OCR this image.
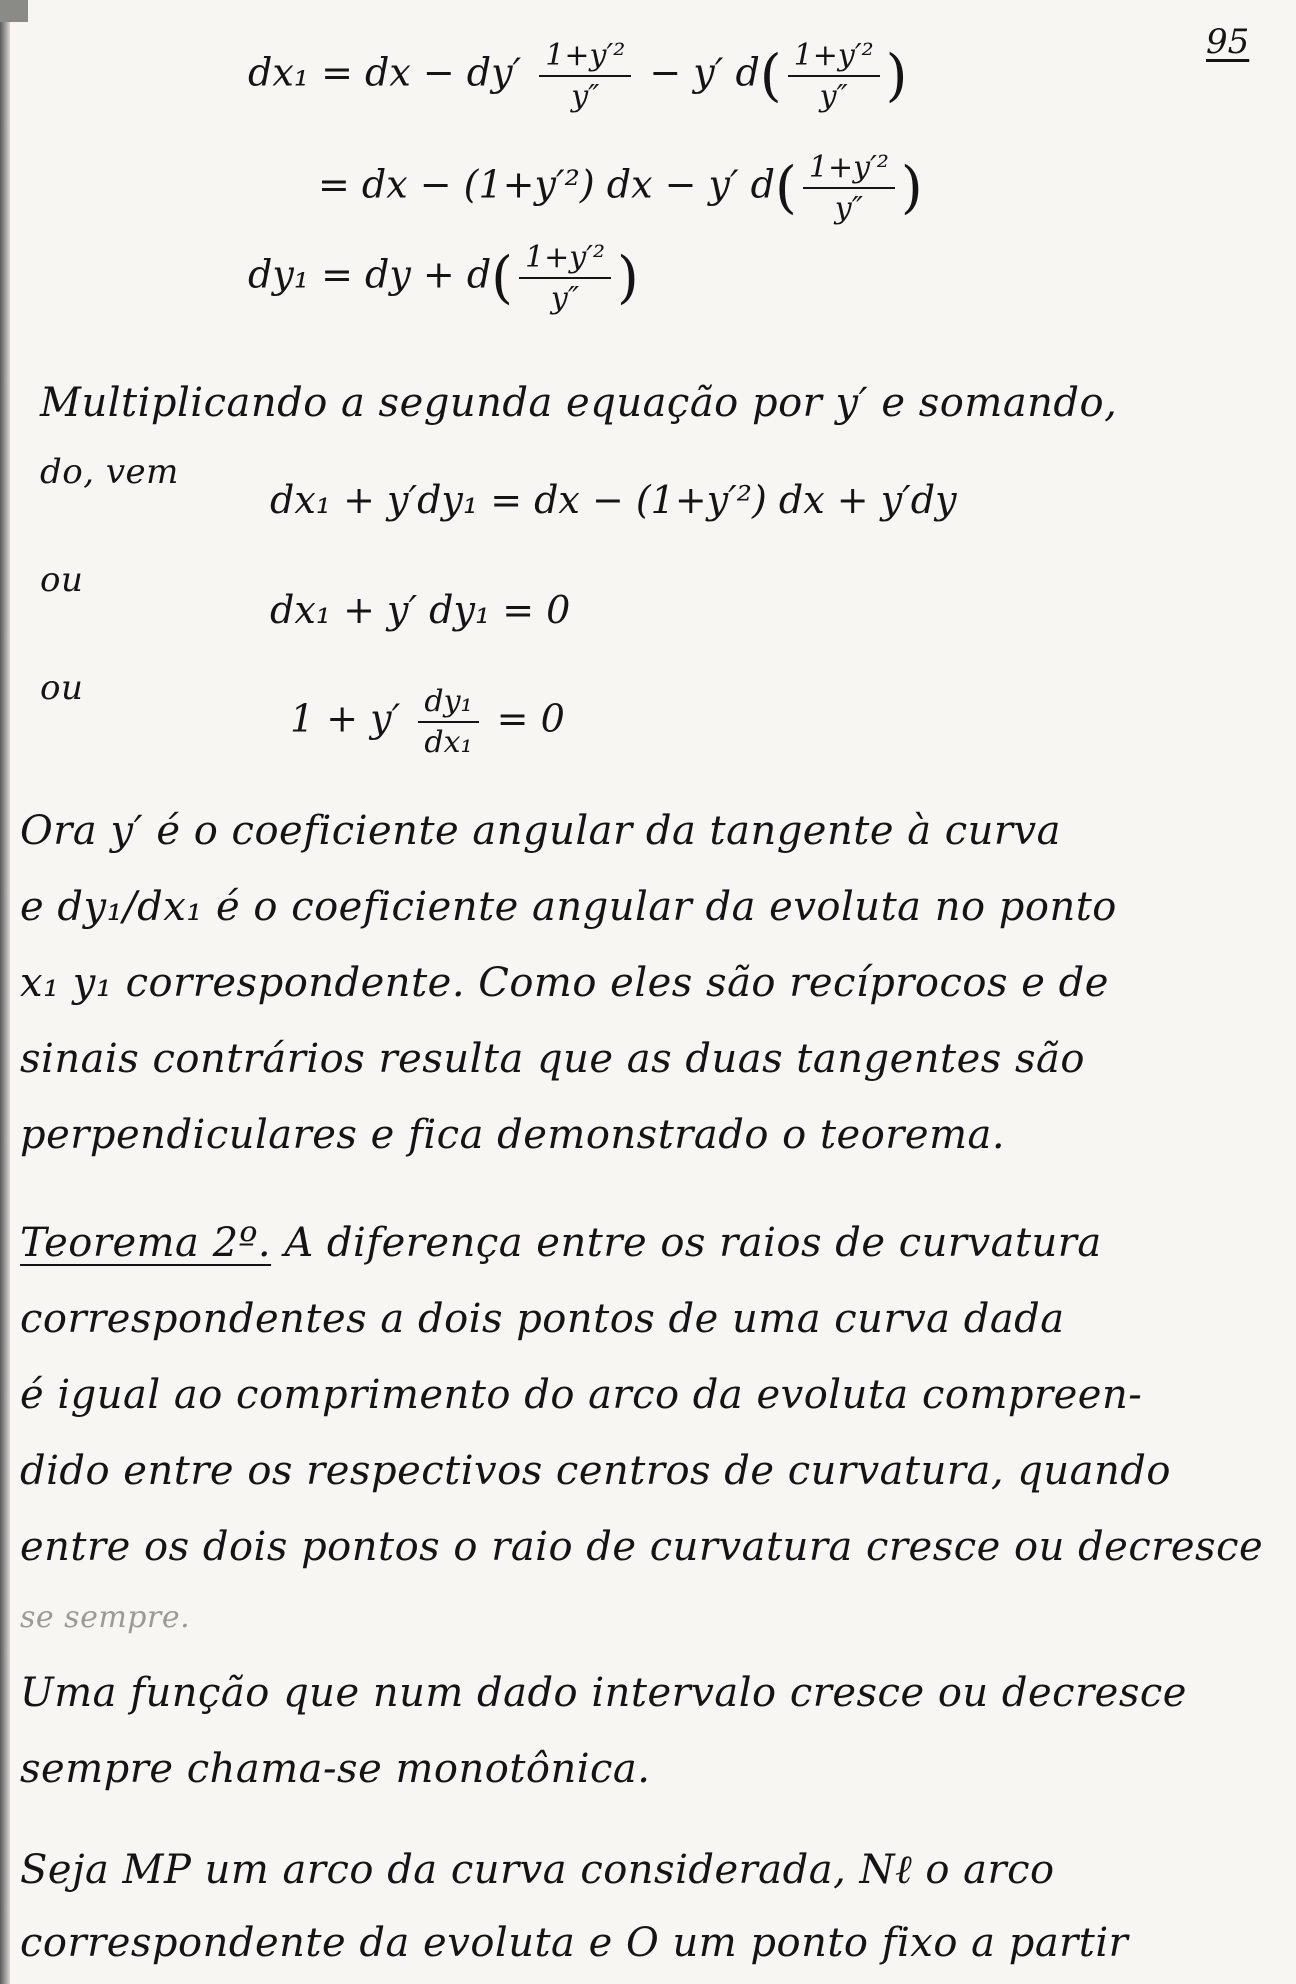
95
dx₁ = dx − $dy' \frac{\text{1+y′²}}{y''} - y'$ $d( \frac{\text{1+y′²}}{y''}$ )
= dx − (1+y′²) dx − y′ $d( \frac{\text{1+y′²}}{y''}$ )
dy₁ = dy + $d( \frac{\text{1+y′²}}{y''}$ )
Multiplicando a segunda equação por y′ e somando,
do, vem
dx₁ + y′dy₁ = dx − (1+y′²) dx + y′dy
ou
dx₁ + y′ dy₁ = 0
ou
$1 + y' \frac{\text{dy₁}}{\text{dx₁}} = 0$
Ora y′ é o coeficiente angular da tangente à curva
e dy₁/dx₁ é o coeficiente angular da evoluta no ponto
x₁ y₁ correspondente. Como eles são recíprocos e de
sinais contrários resulta que as duas tangentes são
perpendiculares e fica demonstrado o teorema.
Teorema 2º. A diferença entre os raios de curvatura
correspondentes a dois pontos de uma curva dada
é igual ao comprimento do arco da evoluta compreen-
dido entre os respectivos centros de curvatura, quando
entre os dois pontos o raio de curvatura cresce ou decresce
se sempre.
Uma função que num dado intervalo cresce ou decresce
sempre chama-se monotônica.
Seja MP um arco da curva considerada, Nℓ o arco
correspondente da evoluta e O um ponto fixo a partir
